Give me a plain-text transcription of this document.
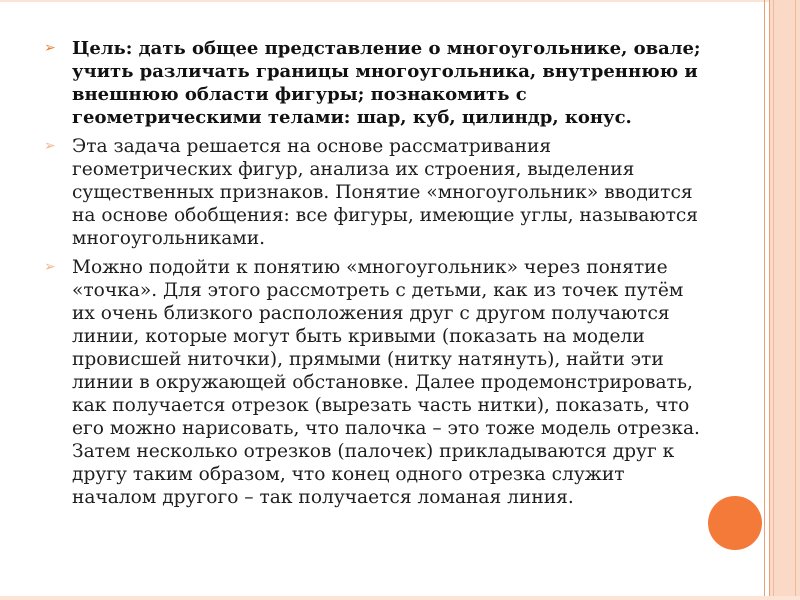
➢ Цель: дать общее представление о многоугольнике, овале;
учить различать границы многоугольника, внутреннюю и
внешнюю области фигуры; познакомить с
геометрическими телами: шар, куб, цилиндр, конус.
➢ Эта задача решается на основе рассматривания
геометрических фигур, анализа их строения, выделения
существенных признаков. Понятие «многоугольник» вводится
на основе обобщения: все фигуры, имеющие углы, называются
многоугольниками.
➢ Можно подойти к понятию «многоугольник» через понятие
«точка». Для этого рассмотреть с детьми, как из точек путём
их очень близкого расположения друг с другом получаются
линии, которые могут быть кривыми (показать на модели
провисшей ниточки), прямыми (нитку натянуть), найти эти
линии в окружающей обстановке. Далее продемонстрировать,
как получается отрезок (вырезать часть нитки), показать, что
его можно нарисовать, что палочка – это тоже модель отрезка.
Затем несколько отрезков (палочек) прикладываются друг к
другу таким образом, что конец одного отрезка служит
началом другого – так получается ломаная линия.
